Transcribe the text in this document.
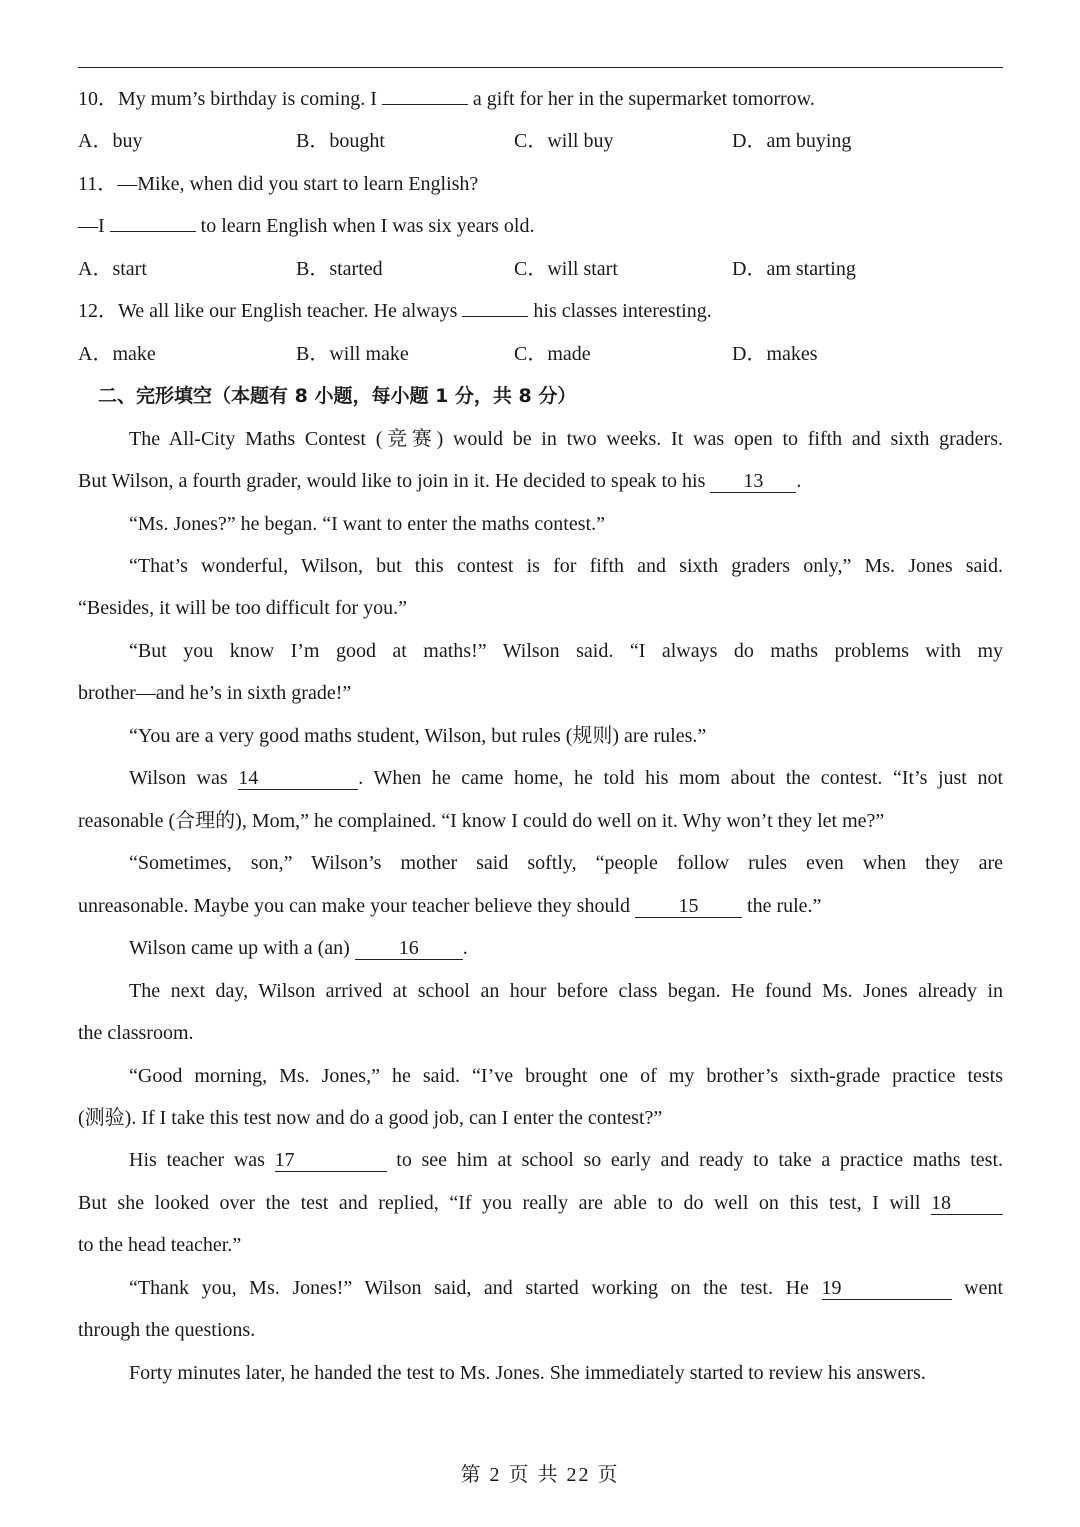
10．My mum’s birthday is coming. I	a gift for her in the supermarket tomorrow.
A．buy	B．bought	C．will buy	D．am buying
11．—Mike, when did you start to learn English?
—I	to learn English when I was six years old.
A．start	B．started	C．will start	D．am starting
12．We all like our English teacher. He always	his classes interesting.
A．make	B．will make	C．made	D．makes
二、完形填空（本题有 8 小题，每小题 1 分，共 8 分）
The All-City Maths Contest (竞赛) would be in two weeks. It was open to fifth and sixth graders.
But Wilson, a fourth grader, would like to join in it. He decided to speak to his 13 .
“Ms. Jones?” he began. “I want to enter the maths contest.”
“That’s wonderful, Wilson, but this contest is for fifth and sixth graders only,” Ms. Jones said.
“Besides, it will be too difficult for you.”
“But you know I’m good at maths!” Wilson said. “I always do maths problems with my
brother—and he’s in sixth grade!”
“You are a very good maths student, Wilson, but rules (规则) are rules.”
Wilson was 14	. When he came home, he told his mom about the contest. “It’s just not
reasonable (合理的), Mom,” he complained. “I know I could do well on it. Why won’t they let me?”
“Sometimes, son,” Wilson’s mother said softly, “people follow rules even when they are
unreasonable. Maybe you can make your teacher believe they should 15 the rule.”
Wilson came up with a (an) 16 .
The next day, Wilson arrived at school an hour before class began. He found Ms. Jones already in
the classroom.
“Good morning, Ms. Jones,” he said. “I’ve brought one of my brother’s sixth-grade practice tests
(测验). If I take this test now and do a good job, can I enter the contest?”
His teacher was 17	to see him at school so early and ready to take a practice maths test.
But she looked over the test and replied, “If you really are able to do well on this test, I will 18
to the head teacher.”
“Thank you, Ms. Jones!” Wilson said, and started working on the test. He 19	went
through the questions.
Forty minutes later, he handed the test to Ms. Jones. She immediately started to review his answers.
第 2 页 共 22 页
